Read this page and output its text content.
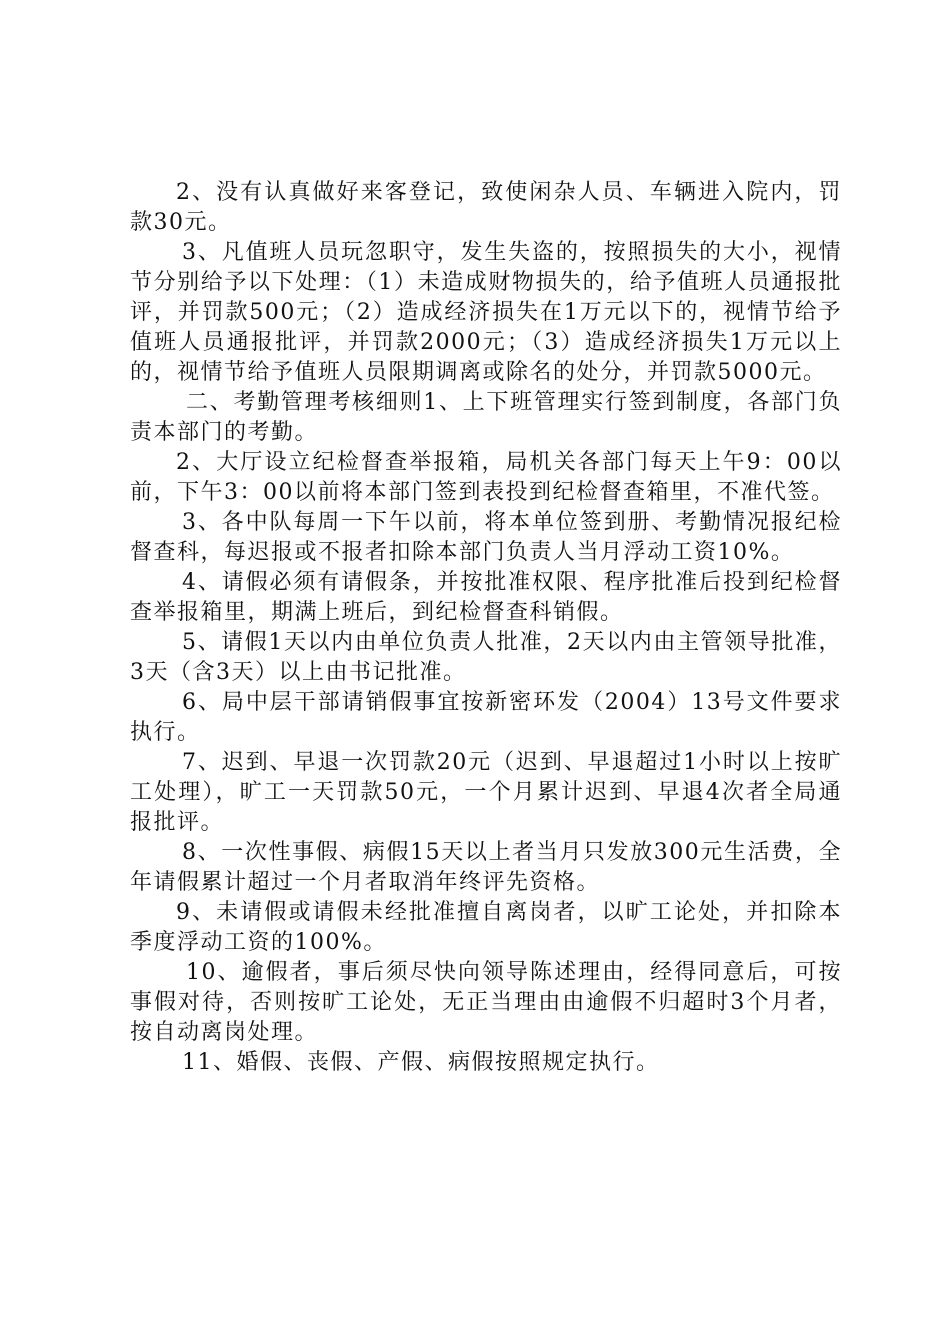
2、没有认真做好来客登记，致使闲杂人员、车辆进入院内，罚款30元。

3、凡值班人员玩忽职守，发生失盗的，按照损失的大小，视情节分别给予以下处理：（1）未造成财物损失的，给予值班人员通报批评，并罚款500元；（2）造成经济损失在1万元以下的，视情节给予值班人员通报批评，并罚款2000元；（3）造成经济损失1万元以上的，视情节给予值班人员限期调离或除名的处分，并罚款5000元。

二、考勤管理考核细则1、上下班管理实行签到制度，各部门负责本部门的考勤。

2、大厅设立纪检督查举报箱，局机关各部门每天上午9：00以前，下午3：00以前将本部门签到表投到纪检督查箱里，不准代签。

3、各中队每周一下午以前，将本单位签到册、考勤情况报纪检督查科，每迟报或不报者扣除本部门负责人当月浮动工资10%。

4、请假必须有请假条，并按批准权限、程序批准后投到纪检督查举报箱里，期满上班后，到纪检督查科销假。

5、请假1天以内由单位负责人批准，2天以内由主管领导批准，3天（含3天）以上由书记批准。

6、局中层干部请销假事宜按新密环发（2004）13号文件要求执行。

7、迟到、早退一次罚款20元（迟到、早退超过1小时以上按旷工处理），旷工一天罚款50元，一个月累计迟到、早退4次者全局通报批评。

8、一次性事假、病假15天以上者当月只发放300元生活费，全年请假累计超过一个月者取消年终评先资格。

9、未请假或请假未经批准擅自离岗者，以旷工论处，并扣除本季度浮动工资的100%。

10、逾假者，事后须尽快向领导陈述理由，经得同意后，可按事假对待，否则按旷工论处，无正当理由由逾假不归超时3个月者，按自动离岗处理。

11、婚假、丧假、产假、病假按照规定执行。
